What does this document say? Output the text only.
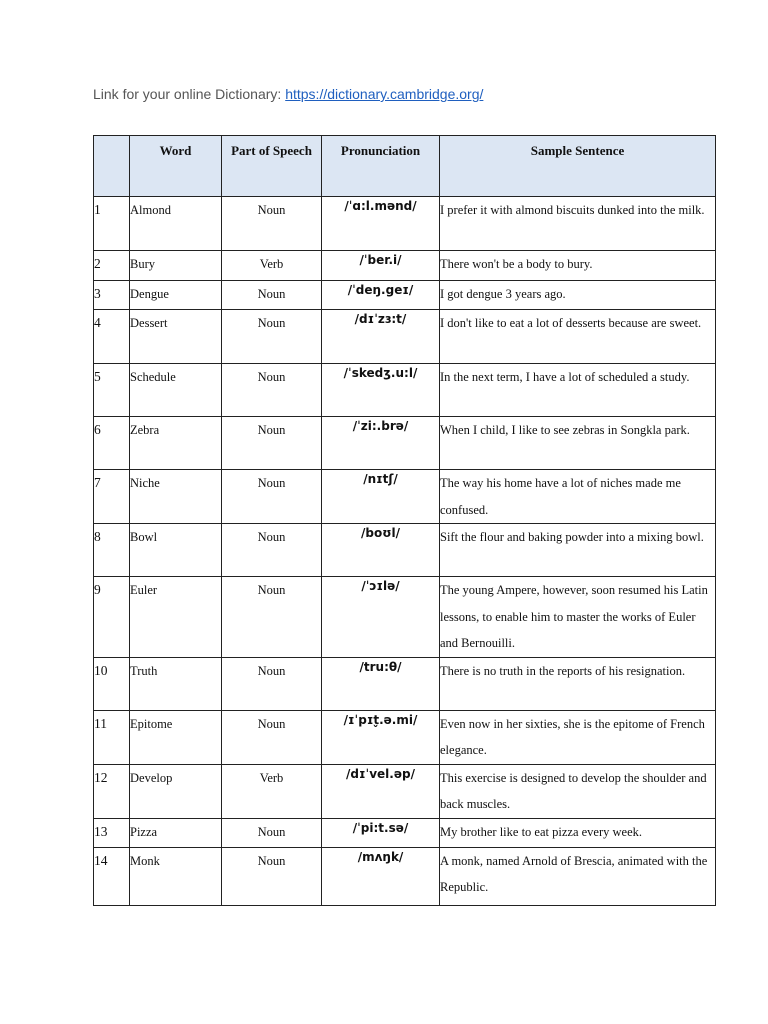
Link for your online Dictionary: https://dictionary.cambridge.org/
	Word	Part of Speech	Pronunciation	Sample Sentence
1	Almond	Noun	/ˈɑ:l.mənd/	I prefer it with almond biscuits dunked into the milk.
2	Bury	Verb	/ˈber.i/	There won't be a body to bury.
3	Dengue	Noun	/ˈdeŋ.geɪ/	I got dengue 3 years ago.
4	Dessert	Noun	/dɪˈzɜ:t/	I don't like to eat a lot of desserts because are sweet.
5	Schedule	Noun	/ˈskedʒ.u:l/	In the next term, I have a lot of scheduled a study.
6	Zebra	Noun	/ˈzi:.brə/	When I child, I like to see zebras in Songkla park.
7	Niche	Noun	/nɪtʃ/	The way his home have a lot of niches made me confused.
8	Bowl	Noun	/boʊl/	Sift the flour and baking powder into a mixing bowl.
9	Euler	Noun	/ˈɔɪlə/	The young Ampere, however, soon resumed his Latin lessons, to enable him to master the works of Euler and Bernouilli.
10	Truth	Noun	/tru:θ/	There is no truth in the reports of his resignation.
11	Epitome	Noun	/ɪˈpɪt̬.ə.mi/	Even now in her sixties, she is the epitome of French elegance.
12	Develop	Verb	/dɪˈvel.əp/	This exercise is designed to develop the shoulder and back muscles.
13	Pizza	Noun	/ˈpi:t.sə/	My brother like to eat pizza every week.
14	Monk	Noun	/mʌŋk/	A monk, named Arnold of Brescia, animated with the Republic.
